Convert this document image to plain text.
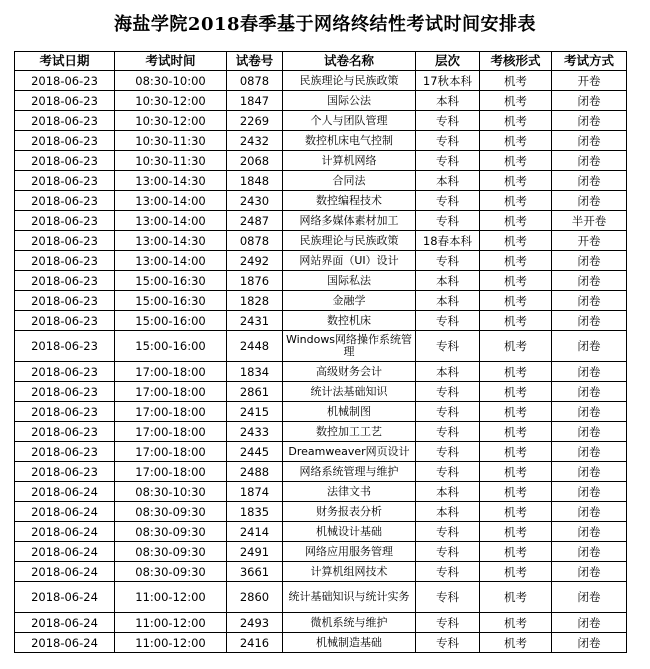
海盐学院2018春季基于网络终结性考试时间安排表
考试日期	考试时间	试卷号	试卷名称	层次	考核形式	考试方式
2018-06-23	08:30-10:00	0878	民族理论与民族政策	17秋本科	机考	开卷
2018-06-23	10:30-12:00	1847	国际公法	本科	机考	闭卷
2018-06-23	10:30-12:00	2269	个人与团队管理	专科	机考	闭卷
2018-06-23	10:30-11:30	2432	数控机床电气控制	专科	机考	闭卷
2018-06-23	10:30-11:30	2068	计算机网络	专科	机考	闭卷
2018-06-23	13:00-14:30	1848	合同法	本科	机考	闭卷
2018-06-23	13:00-14:00	2430	数控编程技术	专科	机考	闭卷
2018-06-23	13:00-14:00	2487	网络多媒体素材加工	专科	机考	半开卷
2018-06-23	13:00-14:30	0878	民族理论与民族政策	18春本科	机考	开卷
2018-06-23	13:00-14:00	2492	网站界面（UI）设计	专科	机考	闭卷
2018-06-23	15:00-16:30	1876	国际私法	本科	机考	闭卷
2018-06-23	15:00-16:30	1828	金融学	本科	机考	闭卷
2018-06-23	15:00-16:00	2431	数控机床	专科	机考	闭卷
2018-06-23	15:00-16:00	2448	Windows网络操作系统管理	专科	机考	闭卷
2018-06-23	17:00-18:00	1834	高级财务会计	本科	机考	闭卷
2018-06-23	17:00-18:00	2861	统计法基础知识	专科	机考	闭卷
2018-06-23	17:00-18:00	2415	机械制图	专科	机考	闭卷
2018-06-23	17:00-18:00	2433	数控加工工艺	专科	机考	闭卷
2018-06-23	17:00-18:00	2445	Dreamweaver网页设计	专科	机考	闭卷
2018-06-23	17:00-18:00	2488	网络系统管理与维护	专科	机考	闭卷
2018-06-24	08:30-10:30	1874	法律文书	本科	机考	闭卷
2018-06-24	08:30-09:30	1835	财务报表分析	本科	机考	闭卷
2018-06-24	08:30-09:30	2414	机械设计基础	专科	机考	闭卷
2018-06-24	08:30-09:30	2491	网络应用服务管理	专科	机考	闭卷
2018-06-24	08:30-09:30	3661	计算机组网技术	专科	机考	闭卷
2018-06-24	11:00-12:00	2860	统计基础知识与统计实务	专科	机考	闭卷
2018-06-24	11:00-12:00	2493	微机系统与维护	专科	机考	闭卷
2018-06-24	11:00-12:00	2416	机械制造基础	专科	机考	闭卷
